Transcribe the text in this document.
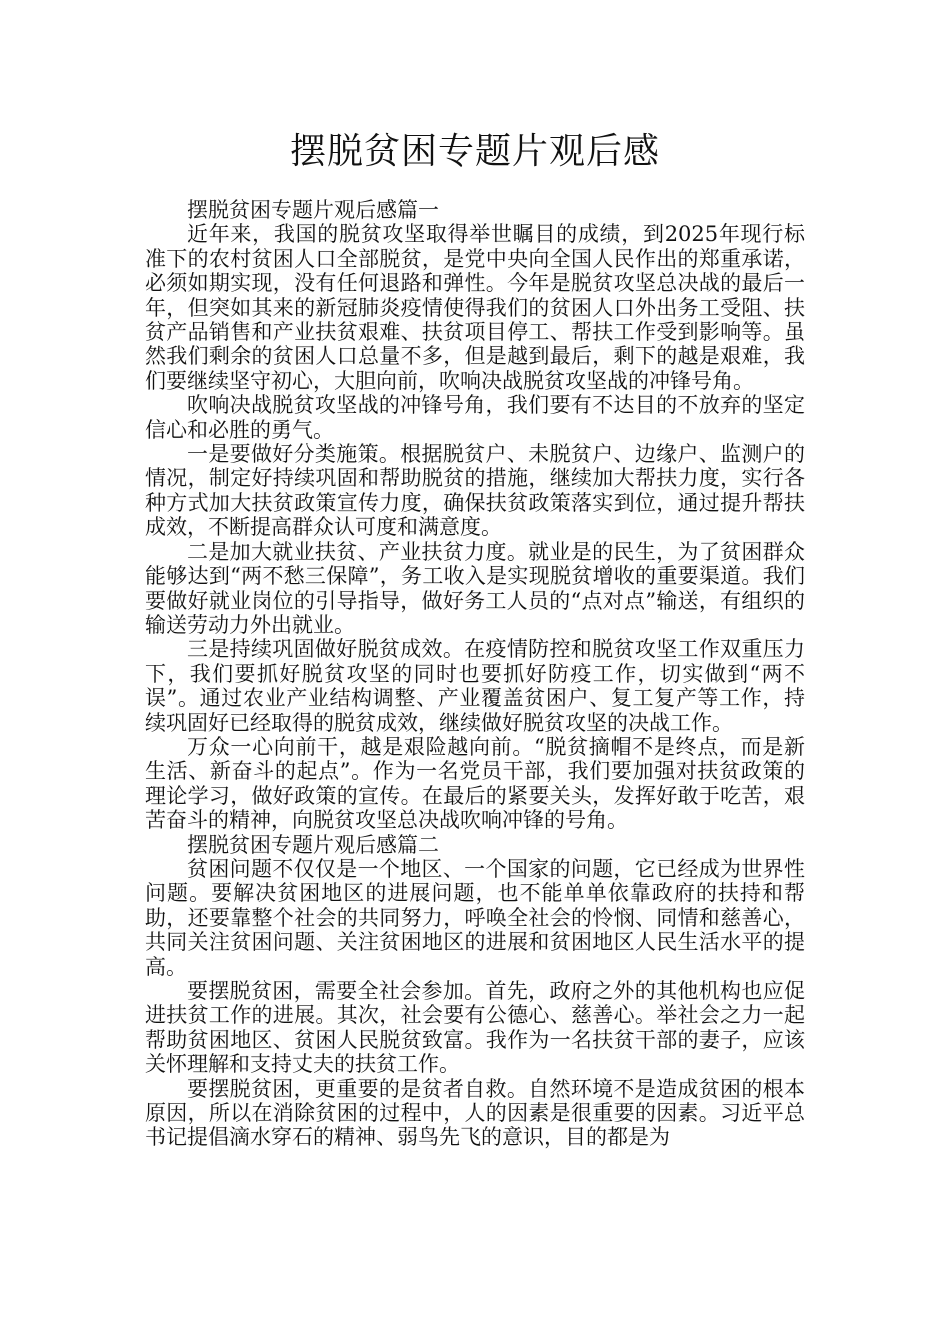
摆脱贫困专题片观后感

摆脱贫困专题片观后感篇一

近年来，我国的脱贫攻坚取得举世瞩目的成绩，到2025年现行标准下的农村贫困人口全部脱贫，是党中央向全国人民作出的郑重承诺，必须如期实现，没有任何退路和弹性。今年是脱贫攻坚总决战的最后一年，但突如其来的新冠肺炎疫情使得我们的贫困人口外出务工受阻、扶贫产品销售和产业扶贫艰难、扶贫项目停工、帮扶工作受到影响等。虽然我们剩余的贫困人口总量不多，但是越到最后，剩下的越是艰难，我们要继续坚守初心，大胆向前，吹响决战脱贫攻坚战的冲锋号角。

吹响决战脱贫攻坚战的冲锋号角，我们要有不达目的不放弃的坚定信心和必胜的勇气。

一是要做好分类施策。根据脱贫户、未脱贫户、边缘户、监测户的情况，制定好持续巩固和帮助脱贫的措施，继续加大帮扶力度，实行各种方式加大扶贫政策宣传力度，确保扶贫政策落实到位，通过提升帮扶成效，不断提高群众认可度和满意度。

二是加大就业扶贫、产业扶贫力度。就业是的民生，为了贫困群众能够达到“两不愁三保障”，务工收入是实现脱贫增收的重要渠道。我们要做好就业岗位的引导指导，做好务工人员的“点对点”输送，有组织的输送劳动力外出就业。

三是持续巩固做好脱贫成效。在疫情防控和脱贫攻坚工作双重压力下，我们要抓好脱贫攻坚的同时也要抓好防疫工作，切实做到“两不误”。通过农业产业结构调整、产业覆盖贫困户、复工复产等工作，持续巩固好已经取得的脱贫成效，继续做好脱贫攻坚的决战工作。

万众一心向前干，越是艰险越向前。“脱贫摘帽不是终点，而是新生活、新奋斗的起点”。作为一名党员干部，我们要加强对扶贫政策的理论学习，做好政策的宣传。在最后的紧要关头，发挥好敢于吃苦，艰苦奋斗的精神，向脱贫攻坚总决战吹响冲锋的号角。

摆脱贫困专题片观后感篇二

贫困问题不仅仅是一个地区、一个国家的问题，它已经成为世界性问题。要解决贫困地区的进展问题，也不能单单依靠政府的扶持和帮助，还要靠整个社会的共同努力，呼唤全社会的怜悯、同情和慈善心，共同关注贫困问题、关注贫困地区的进展和贫困地区人民生活水平的提高。

要摆脱贫困，需要全社会参加。首先，政府之外的其他机构也应促进扶贫工作的进展。其次，社会要有公德心、慈善心。举社会之力一起帮助贫困地区、贫困人民脱贫致富。我作为一名扶贫干部的妻子，应该关怀理解和支持丈夫的扶贫工作。

要摆脱贫困，更重要的是贫者自救。自然环境不是造成贫困的根本原因，所以在消除贫困的过程中，人的因素是很重要的因素。习近平总书记提倡滴水穿石的精神、弱鸟先飞的意识，目的都是为
